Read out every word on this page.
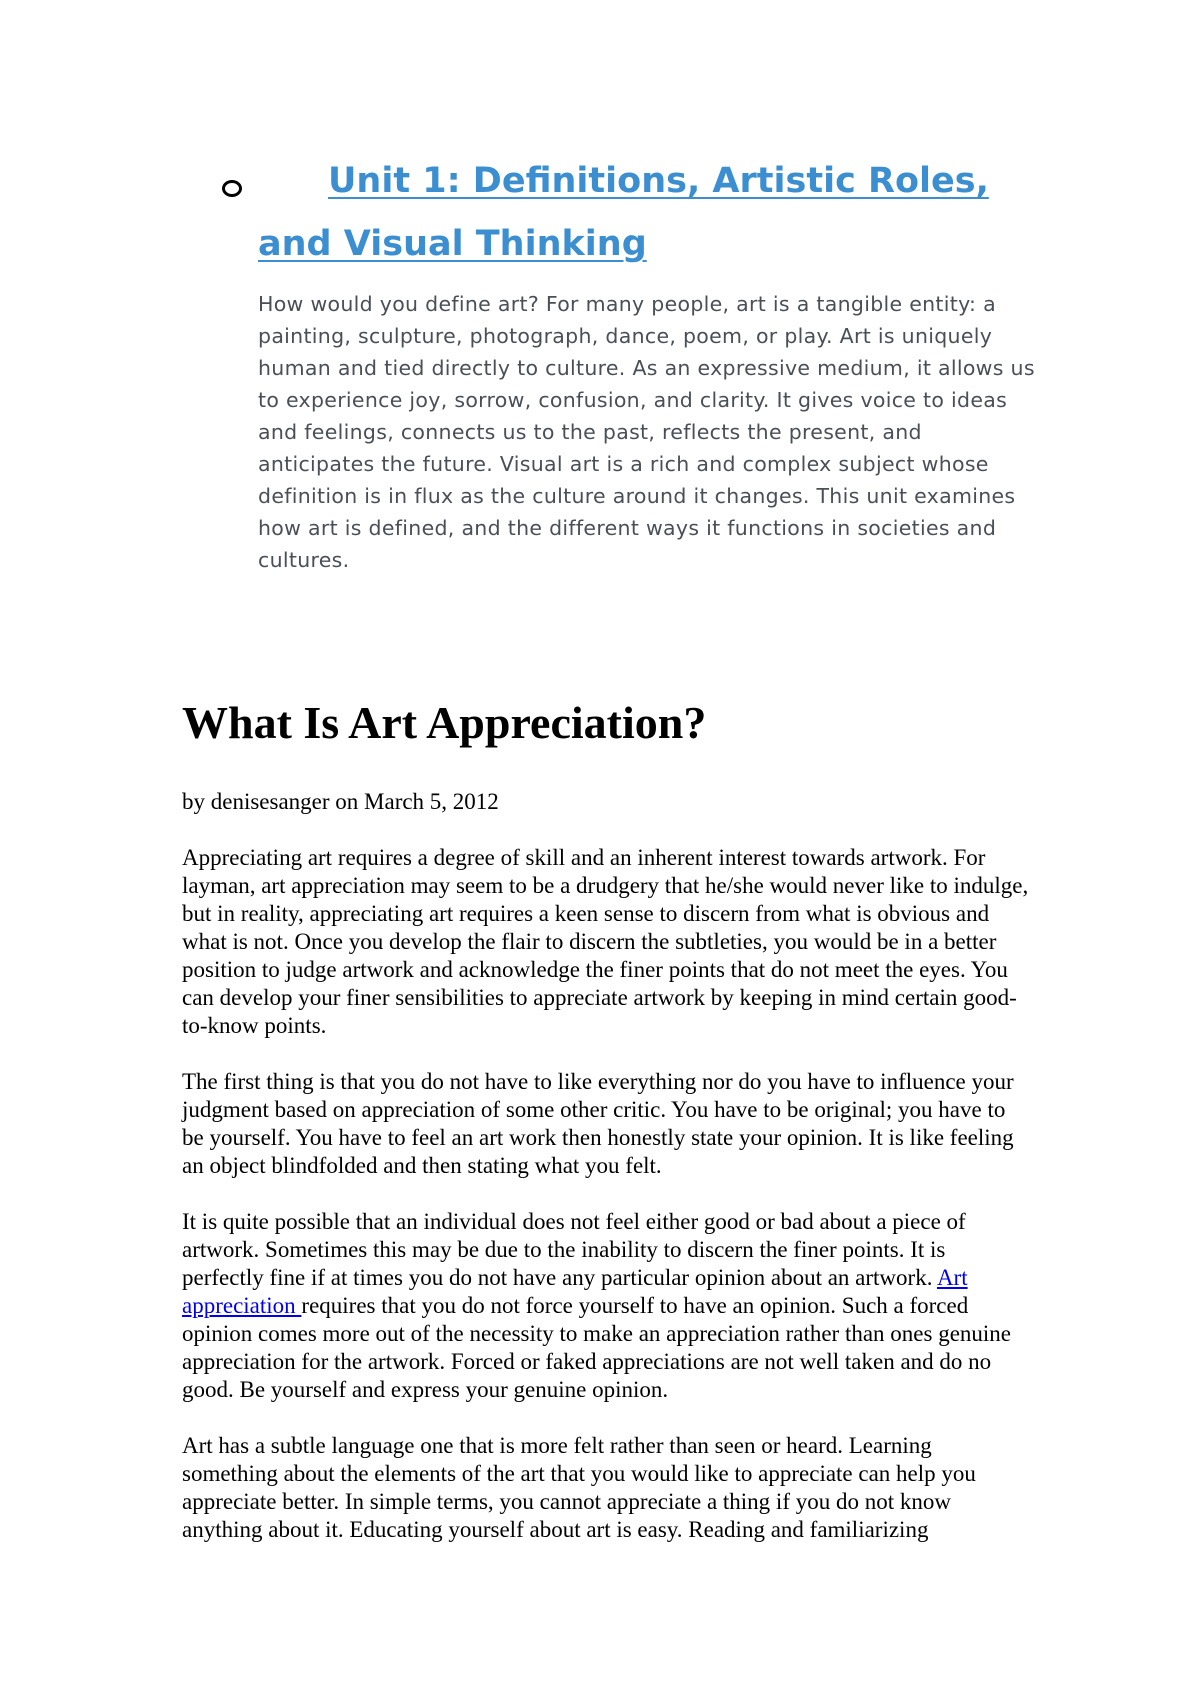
Unit 1: Definitions, Artistic Roles, and Visual Thinking

How would you define art? For many people, art is a tangible entity: a painting, sculpture, photograph, dance, poem, or play. Art is uniquely human and tied directly to culture. As an expressive medium, it allows us to experience joy, sorrow, confusion, and clarity. It gives voice to ideas and feelings, connects us to the past, reflects the present, and anticipates the future. Visual art is a rich and complex subject whose definition is in flux as the culture around it changes. This unit examines how art is defined, and the different ways it functions in societies and cultures.

What Is Art Appreciation?

by denisesanger on March 5, 2012

Appreciating art requires a degree of skill and an inherent interest towards artwork. For layman, art appreciation may seem to be a drudgery that he/she would never like to indulge, but in reality, appreciating art requires a keen sense to discern from what is obvious and what is not. Once you develop the flair to discern the subtleties, you would be in a better position to judge artwork and acknowledge the finer points that do not meet the eyes. You can develop your finer sensibilities to appreciate artwork by keeping in mind certain good-to-know points.

The first thing is that you do not have to like everything nor do you have to influence your judgment based on appreciation of some other critic. You have to be original; you have to be yourself. You have to feel an art work then honestly state your opinion. It is like feeling an object blindfolded and then stating what you felt.

It is quite possible that an individual does not feel either good or bad about a piece of artwork. Sometimes this may be due to the inability to discern the finer points. It is perfectly fine if at times you do not have any particular opinion about an artwork. Art appreciation requires that you do not force yourself to have an opinion. Such a forced opinion comes more out of the necessity to make an appreciation rather than ones genuine appreciation for the artwork. Forced or faked appreciations are not well taken and do no good. Be yourself and express your genuine opinion.

Art has a subtle language one that is more felt rather than seen or heard. Learning something about the elements of the art that you would like to appreciate can help you appreciate better. In simple terms, you cannot appreciate a thing if you do not know anything about it. Educating yourself about art is easy. Reading and familiarizing
